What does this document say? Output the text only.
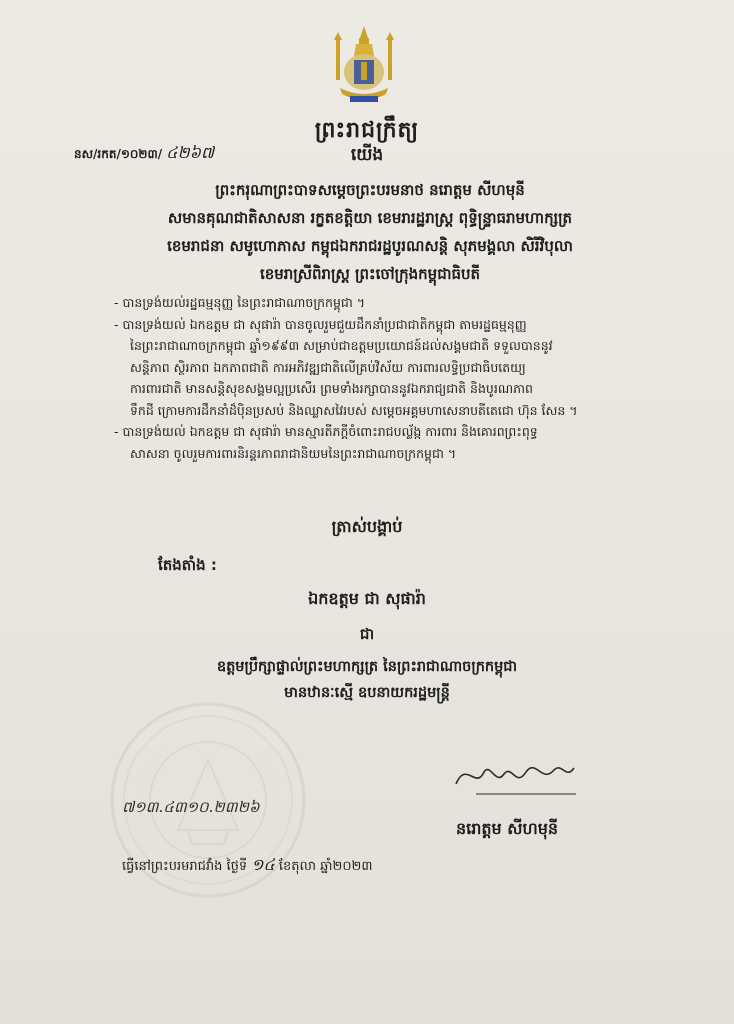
ព្រះរាជក្រឹត្យ
នស/រកត/១០២៣/ ៤២៦៧	យើង
ព្រះករុណាព្រះបាទសម្តេចព្រះបរមនាថ នរោត្តម សីហមុនី
សមានគុណជាតិសាសនា រក្ខតខត្តិយា ខេមរារដ្ឋរាស្ត្រ ពុទ្ធិន្ទ្រាធរាមហាក្សត្រ
ខេមរាជនា សមូហោភាស កម្ពុជឯករាជរដ្ឋបូរណសន្តិ សុភមង្គលា សិរីវិបុលា
ខេមរាស្រីពិរាស្ត្រ ព្រះចៅក្រុងកម្ពុជាធិបតី
- បានទ្រង់យល់រដ្ឋធម្មនុញ្ញ នៃព្រះរាជាណាចក្រកម្ពុជា ។
- បានទ្រង់យល់ ឯកឧត្តម ជា សុផារ៉ា បានចូលរួមជួយដឹកនាំប្រជាជាតិកម្ពុជា តាមរដ្ឋធម្មនុញ្ញ
នៃព្រះរាជាណាចក្រកម្ពុជា ឆ្នាំ១៩៩៣ សម្រាប់ជាឧត្តមប្រយោជន៍ដល់សង្គមជាតិ ទទួលបាននូវ
សន្តិភាព ស្ថិរភាព ឯកភាពជាតិ ការអភិវឌ្ឍជាតិលើគ្រប់វិស័យ ការពារលទ្ធិប្រជាធិបតេយ្យ
ការពារជាតិ មានសន្តិសុខសង្គមល្អប្រសើរ ព្រមទាំងរក្សាបាននូវឯករាជ្យជាតិ និងបូរណភាព
ទឹកដី ក្រោមការដឹកនាំដ៏ប៉ិនប្រសប់ និងឈ្លាសវៃរបស់ សម្តេចអគ្គមហាសេនាបតីតេជោ ហ៊ុន សែន ។
- បានទ្រង់យល់ ឯកឧត្តម ជា សុផារ៉ា មានស្មារតីភក្តីចំពោះរាជបល្ល័ង្ក ការពារ និងគោរពព្រះពុទ្ធ
សាសនា ចូលរួមការពារនិរន្តរភាពរាជានិយមនៃព្រះរាជាណាចក្រកម្ពុជា ។
ត្រាស់បង្គាប់
តែងតាំង :
ឯកឧត្តម ជា សុផារ៉ា
ជា
ឧត្តមប្រឹក្សាផ្ទាល់ព្រះមហាក្សត្រ នៃព្រះរាជាណាចក្រកម្ពុជា
មានឋានៈស្មើ ឧបនាយករដ្ឋមន្ត្រី
នរោត្តម សីហមុនី
៧១៣.៤៣១០.២៣២៦
ធ្វើនៅព្រះបរមរាជវាំង ថ្ងៃទី ១៤ ខែតុលា ឆ្នាំ២០២៣
